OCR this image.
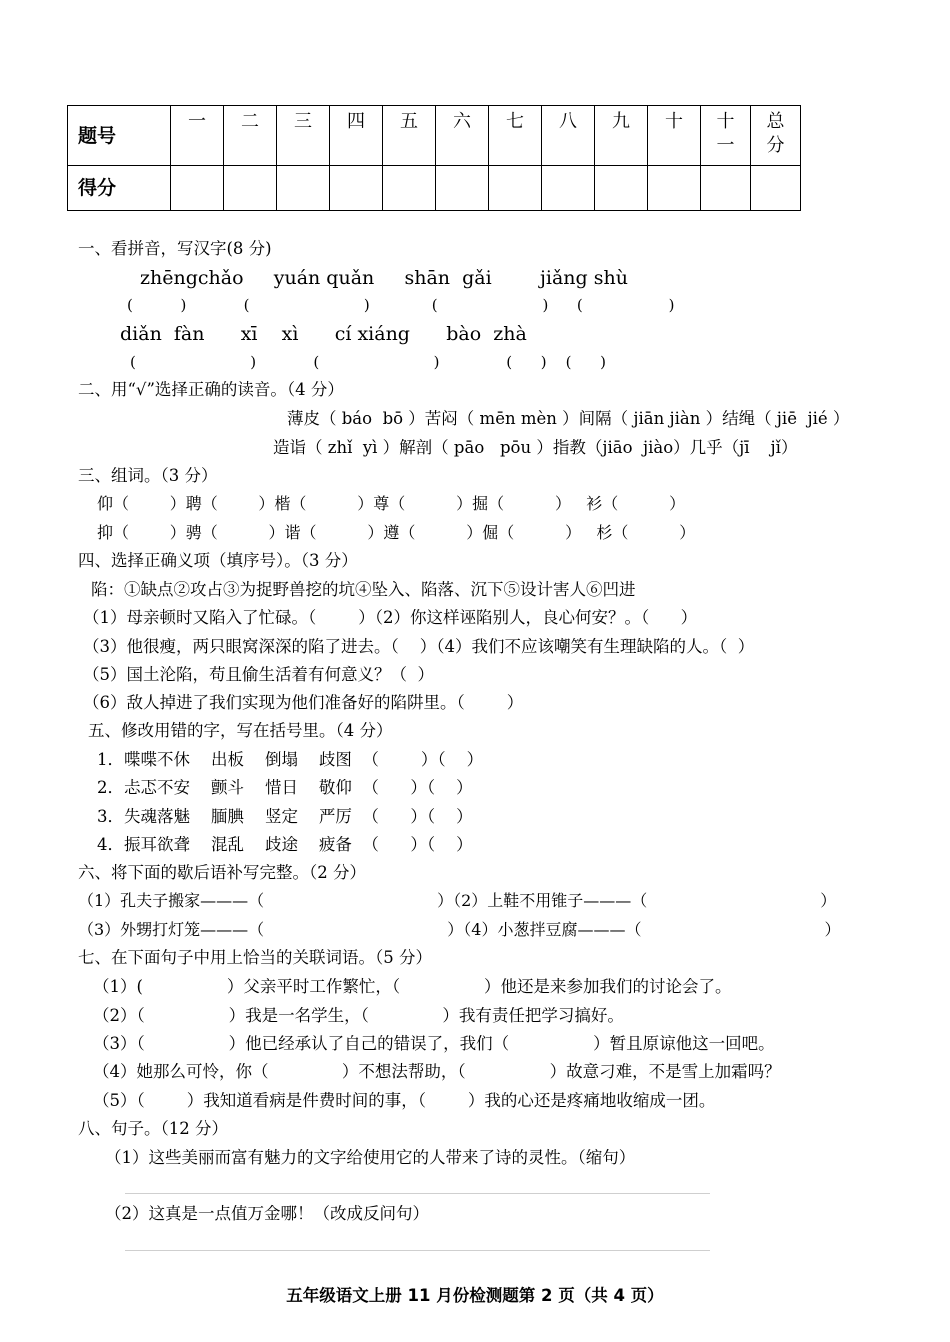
题号	一	二	三	四	五	六	七	八	九	十	十一	总分
得分												
一、看拼音，写汉字(8 分)
zhēngchǎo     yuán quǎn     shān  gǎi        jiǎng shù
(          )            (                        )             (                      )      (                  )
diǎn  fàn      xī    xì      cí xiáng      bào  zhà
(                        )            (                        )              (      )    (      )
二、用“√”选择正确的读音。（4 分）
薄皮（ báo  bō ）苦闷（ mēn mèn ）间隔（ jiān jiàn ）结绳（ jiē  jié ）
造诣（ zhǐ  yì ）解剖（ pāo   pōu ）指教（jiāo  jiào）几乎（jī    jǐ）
三、组词。（3 分）
仰（        ）聘（        ）楷（          ）尊（          ）掘（          ）   衫（          ）
抑（        ）骋（          ）谐（          ）遵（          ）倔（          ）   杉（          ）
四、选择正确义项（填序号）。（3 分）
陷：①缺点②攻占③为捉野兽挖的坑④坠入、陷落、沉下⑤设计害人⑥凹进
（1）母亲顿时又陷入了忙碌。（        ）（2）你这样诬陷别人，良心何安？。（      ）
（3）他很瘦，两只眼窝深深的陷了进去。（    ）（4）我们不应该嘲笑有生理缺陷的人。（  ）
（5）国土沦陷，苟且偷生活着有何意义？（  ）
（6）敌人掉进了我们实现为他们准备好的陷阱里。（        ）
五、修改用错的字，写在括号里。（4 分）
1．喋喋不休    出板    倒塌    歧图  （        ）（    ）
2．忐忑不安    颤斗    惜日    敬仰  （      ）（    ）
3．失魂落魅    腼腆    竖定    严厉  （      ）（    ）
4．振耳欲聋    混乱    歧途    疲备  （      ）（    ）
六、将下面的歇后语补写完整。（2 分）
（1）孔夫子搬家———（                                  ）（2）上鞋不用锥子———（                                  ）
（3）外甥打灯笼———（                                    ）（4）小葱拌豆腐———（                                    ）
七、在下面句子中用上恰当的关联词语。（5 分）
（1）(                ）父亲平时工作繁忙，（                ）他还是来参加我们的讨论会了。
（2）（                ）我是一名学生，（              ）我有责任把学习搞好。
（3）（                ）他已经承认了自己的错误了，我们（                ）暂且原谅他这一回吧。
（4）她那么可怜，你（              ）不想法帮助，（                ）故意刁难，不是雪上加霜吗？
（5）（        ）我知道看病是件费时间的事，（        ）我的心还是疼痛地收缩成一团。
八、句子。（12 分）
（1）这些美丽而富有魅力的文字给使用它的人带来了诗的灵性。（缩句）
（2）这真是一点值万金哪！（改成反问句）
五年级语文上册 11 月份检测题第 2 页（共 4 页）
